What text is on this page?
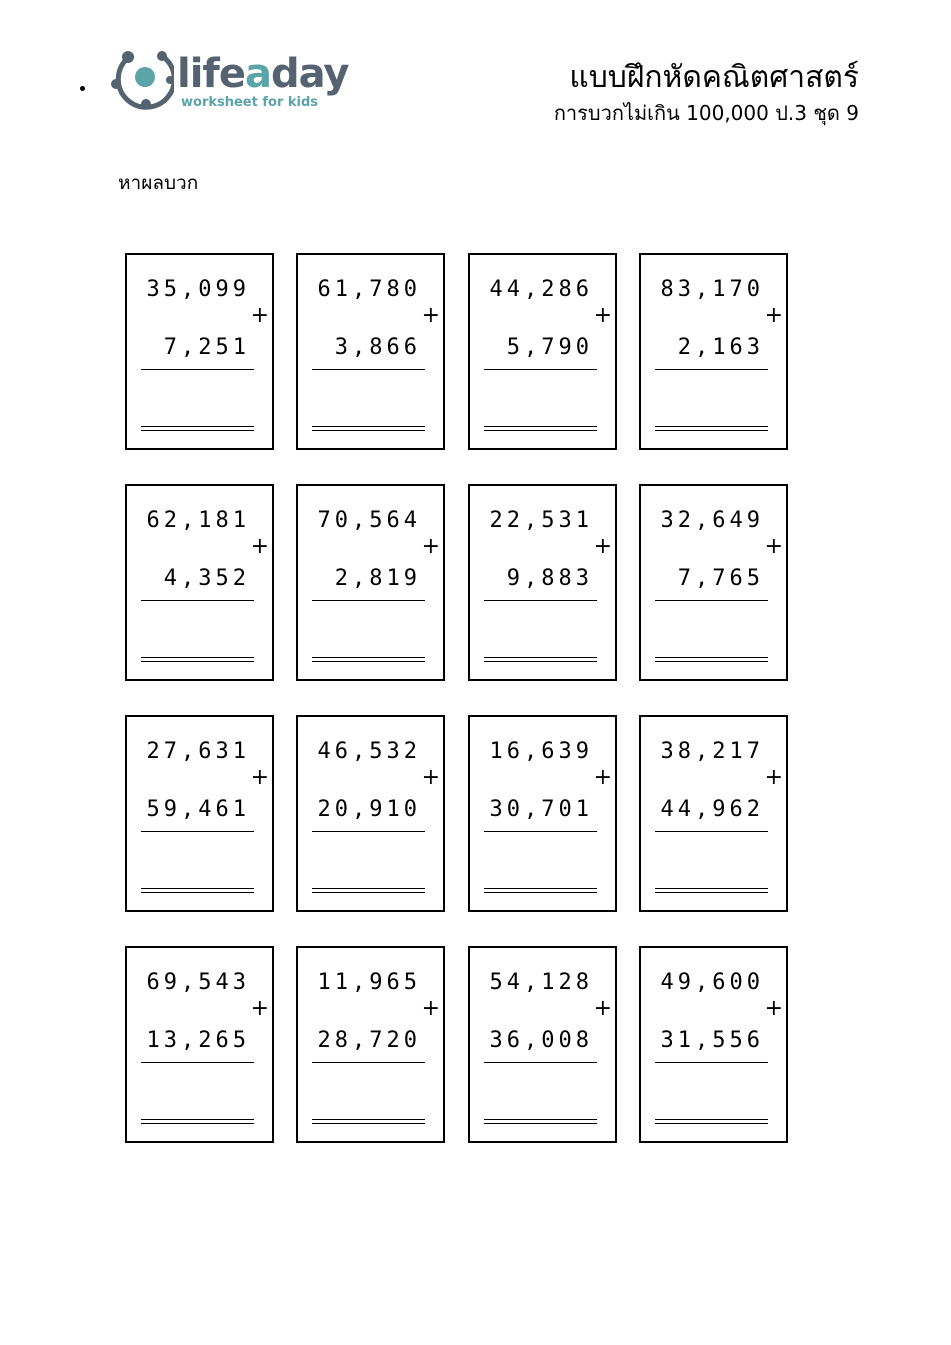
lifeaday
worksheet for kids
แบบฝึกหัดคณิตศาสตร์
การบวกไม่เกิน 100,000 ป.3 ชุด 9
หาผลบวก
35,099
+
7,251
61,780
+
3,866
44,286
+
5,790
83,170
+
2,163
62,181
+
4,352
70,564
+
2,819
22,531
+
9,883
32,649
+
7,765
27,631
+
59,461
46,532
+
20,910
16,639
+
30,701
38,217
+
44,962
69,543
+
13,265
11,965
+
28,720
54,128
+
36,008
49,600
+
31,556
